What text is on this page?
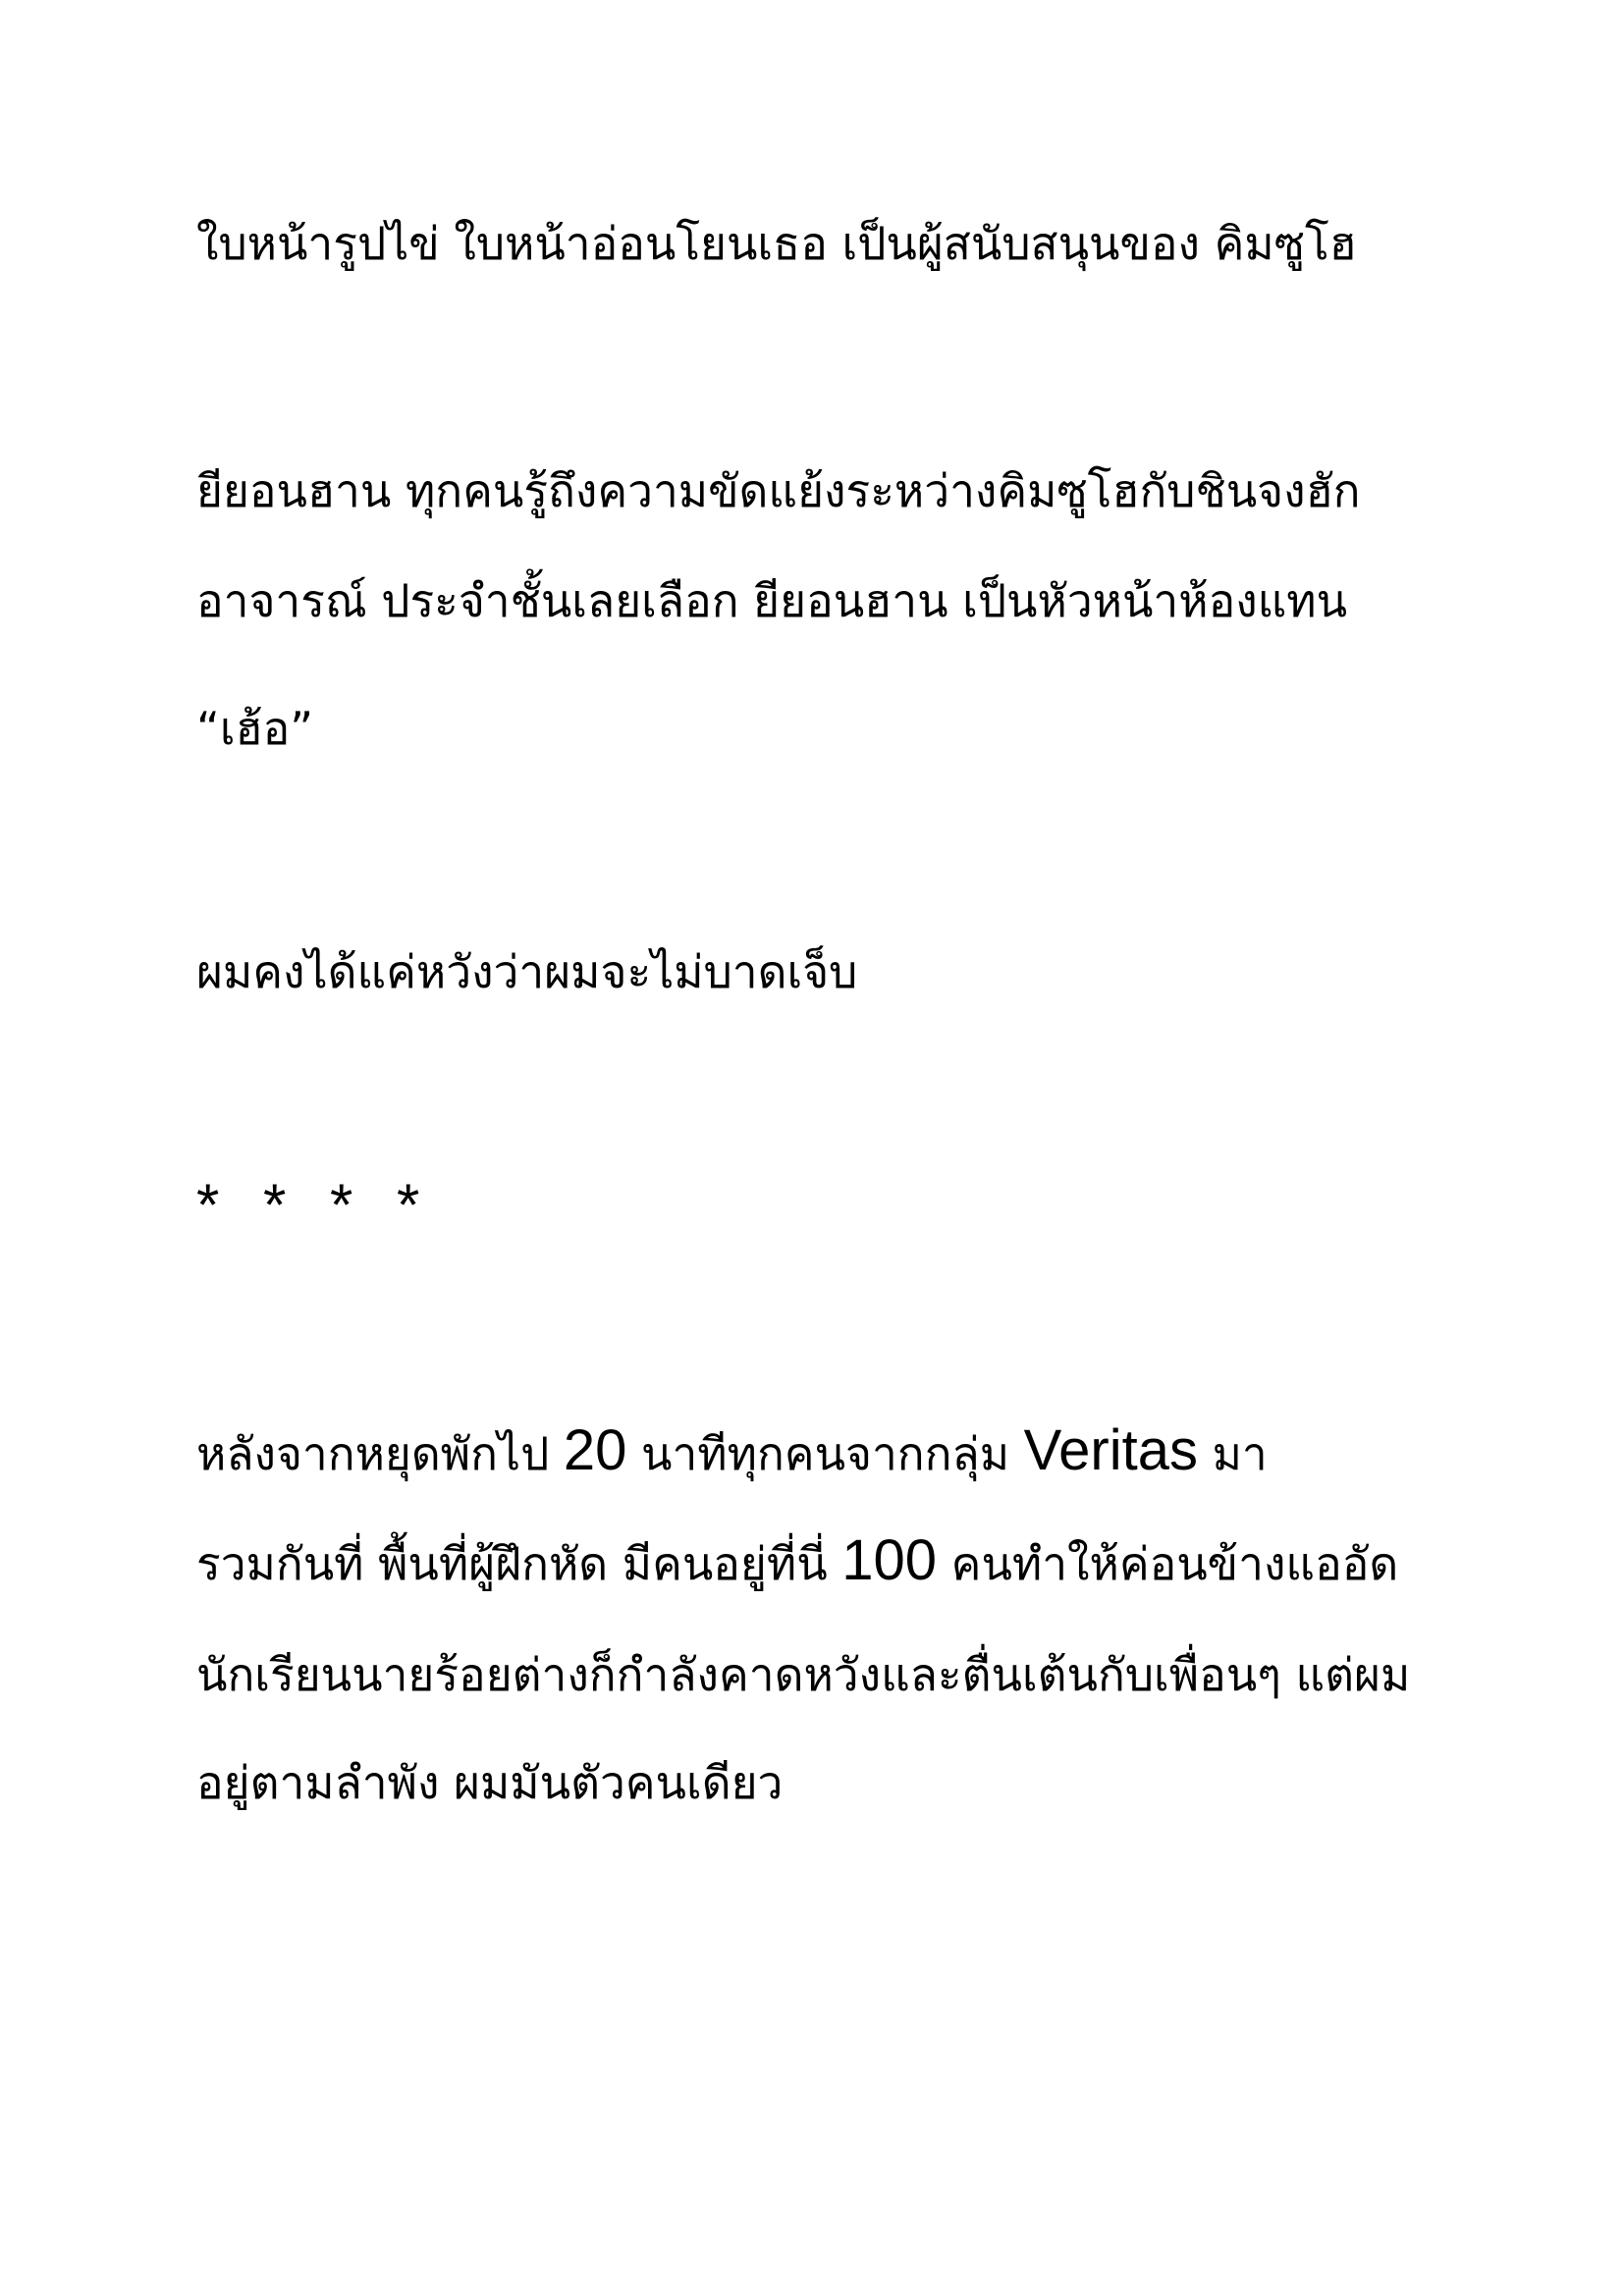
ใบหน้ารูปไข่ ใบหน้าอ่อนโยนเธอ เป็นผู้สนับสนุนของ คิมซูโฮ
ยียอนฮาน ทุกคนรู้ถึงความขัดแย้งระหว่างคิมซูโฮกับชินจงฮัก
อาจารณ์ ประจำชั้นเลยเลือก ยียอนฮาน เป็นหัวหน้าห้องแทน
“เฮ้อ”
ผมคงได้แค่หวังว่าผมจะไม่บาดเจ็บ
* * * *
หลังจากหยุดพักไป 20 นาทีทุกคนจากกลุ่ม Veritas มา
รวมกันที่ พื้นที่ผู้ฝึกหัด มีคนอยู่ที่นี่ 100 คนทำให้ค่อนข้างแออัด
นักเรียนนายร้อยต่างก็กำลังคาดหวังและตื่นเต้นกับเพื่อนๆ แต่ผม
อยู่ตามลำพัง ผมมันตัวคนเดียว
